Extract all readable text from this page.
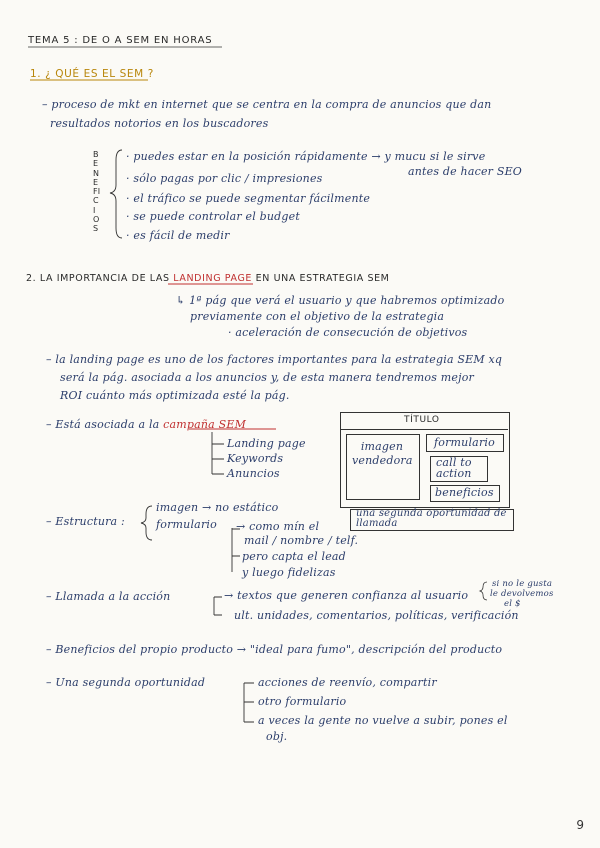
TEMA 5 : DE O A SEM EN HORAS
1. ¿ QUÉ ES EL SEM ?
– proceso de mkt en internet que se centra en la compra de anuncios que dan
resultados notorios en los buscadores
BENEFICIOS
· puedes estar en la posición rápidamente → y mucu si le sirve
antes de hacer SEO
· sólo pagas por clic / impresiones
· el tráfico se puede segmentar fácilmente
· se puede controlar el budget
· es fácil de medir
2. LA IMPORTANCIA DE LAS LANDING PAGE EN UNA ESTRATEGIA SEM
↳ 1ª pág que verá el usuario y que habremos optimizado
previamente con el objetivo de la estrategia
· aceleración de consecución de objetivos
– la landing page es uno de los factores importantes para la estrategia SEM xq
será la pág. asociada a los anuncios y, de esta manera tendremos mejor
ROI cuánto más optimizada esté la pág.
– Está asociada a la campaña SEM
Landing page
Keywords
Anuncios
TÍTULO
imagen vendedora
formulario
call to action
beneficios
una segunda oportunidad de llamada
– Estructura :
imagen → no estático
formulario → como mín el
mail / nombre / telf.
pero capta el lead
y luego fidelizas
– Llamada a la acción	→ textos que generen confianza al usuario
si no le gusta
le devolvemos
el $
ult. unidades, comentarios, políticas, verificación
– Beneficios del propio producto → "ideal para fumo", descripción del producto
– Una segunda oportunidad	acciones de reenvío, compartir
otro formulario
a veces la gente no vuelve a subir, pones el
obj.
9
